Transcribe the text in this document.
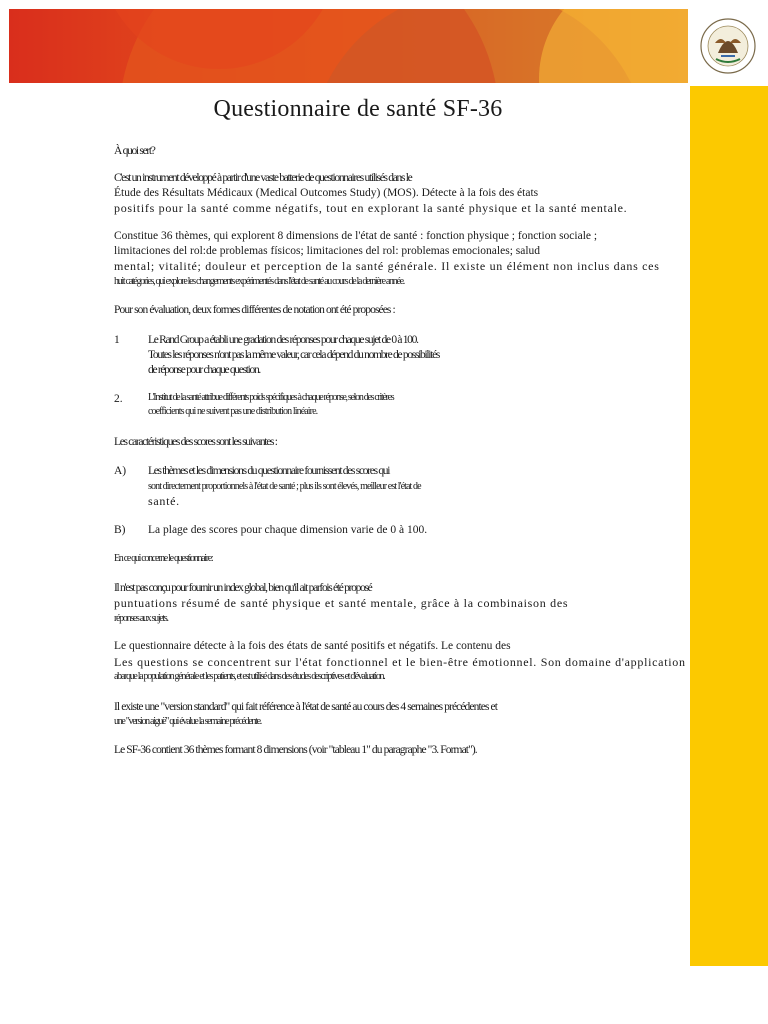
Questionnaire de santé SF-36

À quoi sert?

C'est un instrument développé à partir d'une vaste batterie de questionnaires utilisés dans le

Étude des Résultats Médicaux (Medical Outcomes Study) (MOS). Détecte à la fois des états

positifs pour la santé comme négatifs, tout en explorant la santé physique et la santé mentale.

Constitue 36 thèmes, qui explorent 8 dimensions de l'état de santé : fonction physique ; fonction sociale ;

limitaciones del rol:de problemas físicos; limitaciones del rol: problemas emocionales; salud

mental; vitalité; douleur et perception de la santé générale. Il existe un élément non inclus dans ces

huit catégories, qui explore les changements expérimentés dans l'état de santé au cours de la dernière année.

Pour son évaluation, deux formes différentes de notation ont été proposées :

1 Le Rand Group a établi une gradation des réponses pour chaque sujet de 0 à 100.

Toutes les réponses n'ont pas la même valeur, car cela dépend du nombre de possibilités

de réponse pour chaque question.

2.	L'Institut de la santé attribue différents poids spécifiques à chaque réponse, selon des critères

coefficients qui ne suivent pas une distribution linéaire.

Les caractéristiques des scores sont les suivantes :

A) Les thèmes et les dimensions du questionnaire fournissent des scores qui

sont directement proportionnels à l'état de santé ; plus ils sont élevés, meilleur est l'état de

santé.

B) La plage des scores pour chaque dimension varie de 0 à 100.

En ce qui concerne le questionnaire:

Il n'est pas conçu pour fournir un index global, bien qu'il ait parfois été proposé

puntuations résumé de santé physique et santé mentale, grâce à la combinaison des

réponses aux sujets.

Le questionnaire détecte à la fois des états de santé positifs et négatifs. Le contenu des

Les questions se concentrent sur l'état fonctionnel et le bien-être émotionnel. Son domaine d'application

abarque la population générale et les patients, et est utilisé dans des études descriptives et d'évaluation.

Il existe une "version standard" qui fait référence à l'état de santé au cours des 4 semaines précédentes et

une "version aiguë" qui évalue la semaine précédente.

Le SF-36 contient 36 thèmes formant 8 dimensions (voir "tableau 1" du paragraphe "3. Format").
